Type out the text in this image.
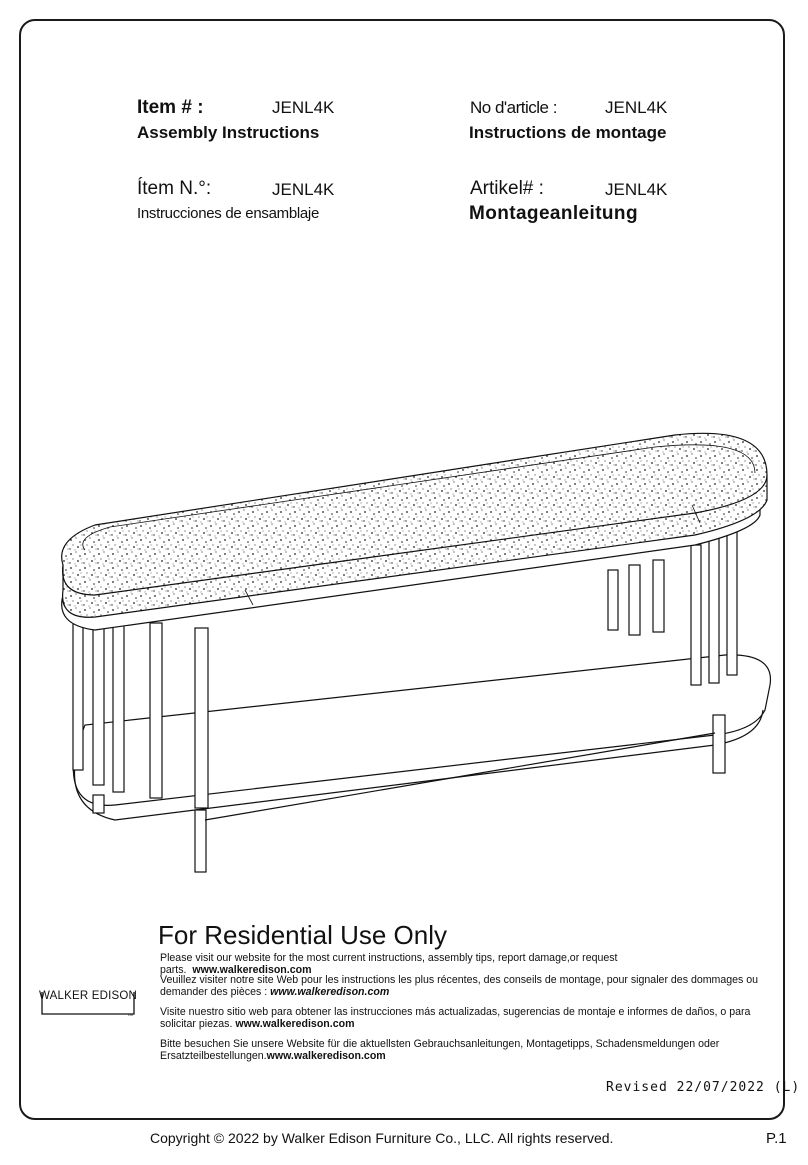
Item # :	JENL4K
Assembly Instructions
No d'article :	JENL4K
Instructions de montage
Ítem N.°:	JENL4K
Instrucciones de ensamblaje
Artikel# :	JENL4K
Montageanleitung
For Residential Use Only
Please visit our website for the most current instructions, assembly tips, report damage,or request parts. www.walkeredison.com
Veuillez visiter notre site Web pour les instructions les plus récentes, des conseils de montage, pour signaler des dommages ou demander des pièces : www.walkeredison.com
Visite nuestro sitio web para obtener las instrucciones más actualizadas, sugerencias de montaje e informes de daños, o para solicitar piezas. www.walkeredison.com
Bitte besuchen Sie unsere Website für die aktuellsten Gebrauchsanleitungen, Montagetipps, Schadensmeldungen oder Ersatzteilbestellungen.www.walkeredison.com
WALKER EDISON
TM
Revised 22/07/2022 (L)
Copyright © 2022 by Walker Edison Furniture Co., LLC. All rights reserved.	P.1
